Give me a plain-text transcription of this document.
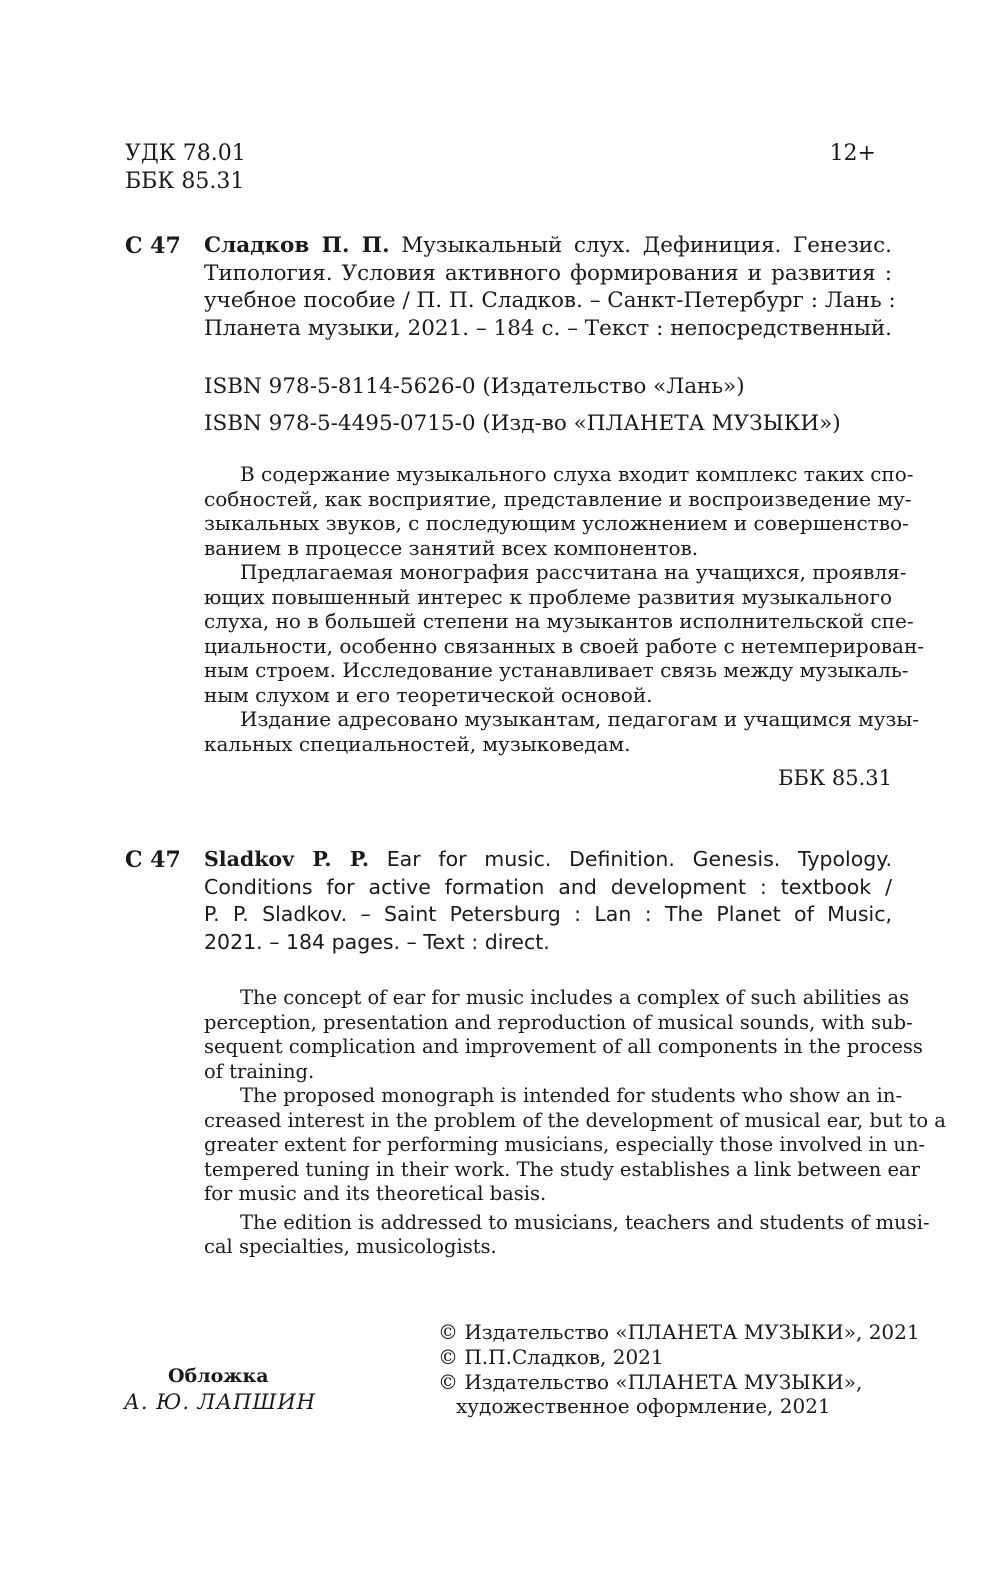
УДК 78.01
ББК 85.31
12+
С 47 Сладков П. П. Музыкальный слух. Дефиниция. Генезис.
Типология. Условия активного формирования и развития :
учебное пособие / П. П. Сладков. – Санкт-Петербург : Лань :
Планета музыки, 2021. – 184 с. – Текст : непосредственный.
ISBN 978-5-8114-5626-0 (Издательство «Лань»)
ISBN 978-5-4495-0715-0 (Изд-во «ПЛАНЕТА МУЗЫКИ»)
В содержание музыкального слуха входит комплекс таких спо-
собностей, как восприятие, представление и воспроизведение му-
зыкальных звуков, с последующим усложнением и совершенство-
ванием в процессе занятий всех компонентов.
Предлагаемая монография рассчитана на учащихся, проявля-
ющих повышенный интерес к проблеме развития музыкального
слуха, но в большей степени на музыкантов исполнительской спе-
циальности, особенно связанных в своей работе с нетемперирован-
ным строем. Исследование устанавливает связь между музыкаль-
ным слухом и его теоретической основой.
Издание адресовано музыкантам, педагогам и учащимся музы-
кальных специальностей, музыковедам.
ББК 85.31
С 47 Sladkov P. P. Ear for music. Definition. Genesis. Typology.
Conditions for active formation and development : textbook /
P. P. Sladkov. – Saint Petersburg : Lan : The Planet of Music,
2021. – 184 pages. – Text : direct.
The concept of ear for music includes a complex of such abilities as
perception, presentation and reproduction of musical sounds, with sub-
sequent complication and improvement of all components in the process
of training.
The proposed monograph is intended for students who show an in-
creased interest in the problem of the development of musical ear, but to a
greater extent for performing musicians, especially those involved in un-
tempered tuning in their work. The study establishes a link between ear
for music and its theoretical basis.
The edition is addressed to musicians, teachers and students of musi-
cal specialties, musicologists.
© Издательство «ПЛАНЕТА МУЗЫКИ», 2021
© П.П.Сладков, 2021
© Издательство «ПЛАНЕТА МУЗЫКИ»,
художественное оформление, 2021
Обложка
А. Ю. ЛАПШИН
